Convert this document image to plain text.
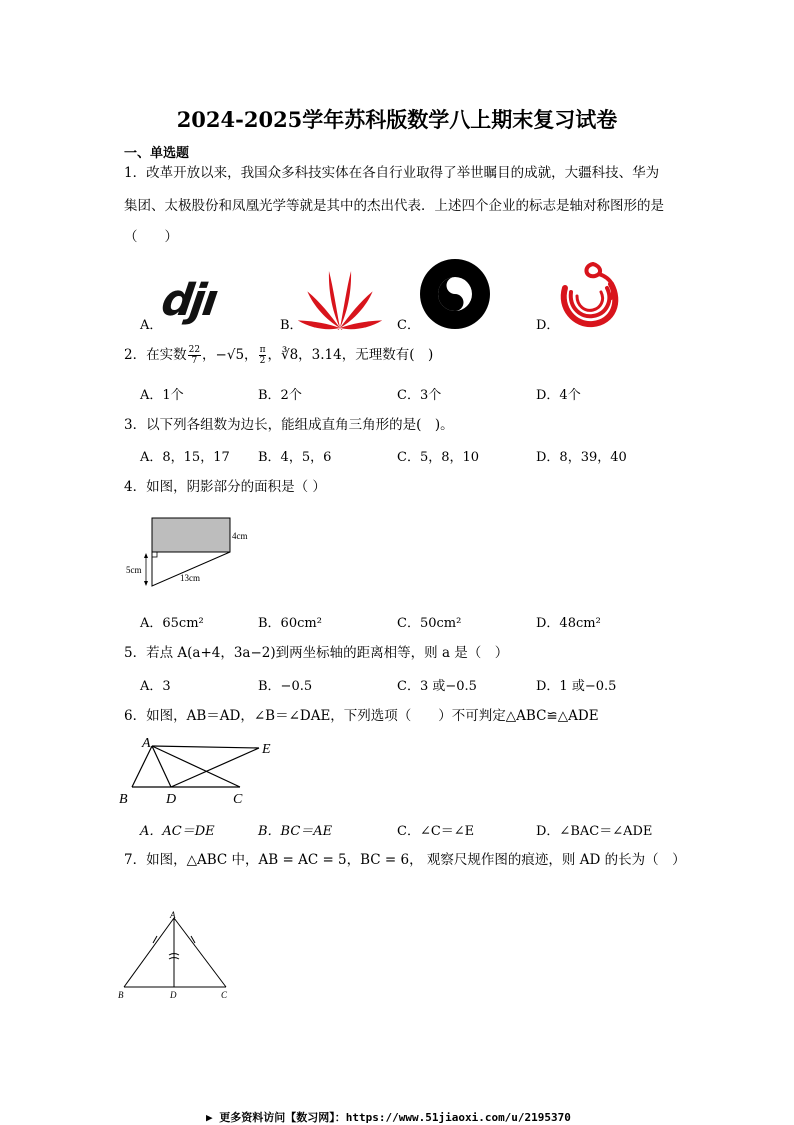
2024-2025学年苏科版数学八上期末复习试卷
一、单选题
1．改革开放以来，我国众多科技实体在各自行业取得了举世瞩目的成就，大疆科技、华为
集团、太极股份和凤凰光学等就是其中的杰出代表．上述四个企业的标志是轴对称图形的是
（　　）
A．
djı	B．	C．	D．
2．在实数 $\frac{22}{7}$ ，−√5， $\frac{\pi}{2}$ ，∛8，3.14，无理数有(　)
A．1个	B．2个	C．3个	D．4个
3．以下列各组数为边长，能组成直角三角形的是(　)。
A．8，15，17 B．4，5，6	C．5，8，10	D．8，39，40
4．如图，阴影部分的面积是（ ）
4cm
5cm
13cm
A．65cm²	B．60cm²	C．50cm²	D．48cm²
5．若点 A(a+4，3a−2)到两坐标轴的距离相等，则 a 是（　）
A．3	B．−0.5	C．3 或−0.5	D．1 或−0.5
6．如图，AB＝AD，∠B＝∠DAE，下列选项（　　）不可判定△ABC≌△ADE
A	E
B	D	C
A．AC＝DE	B．BC＝AE	C．∠C＝∠E	D．∠BAC＝∠ADE
7．如图，△ABC 中，AB = AC = 5，BC = 6， 观察尺规作图的痕迹，则 AD 的长为（　）
A
B	D	C
▶ 更多资料访问【数习网】：https://www.51jiaoxi.com/u/2195370
